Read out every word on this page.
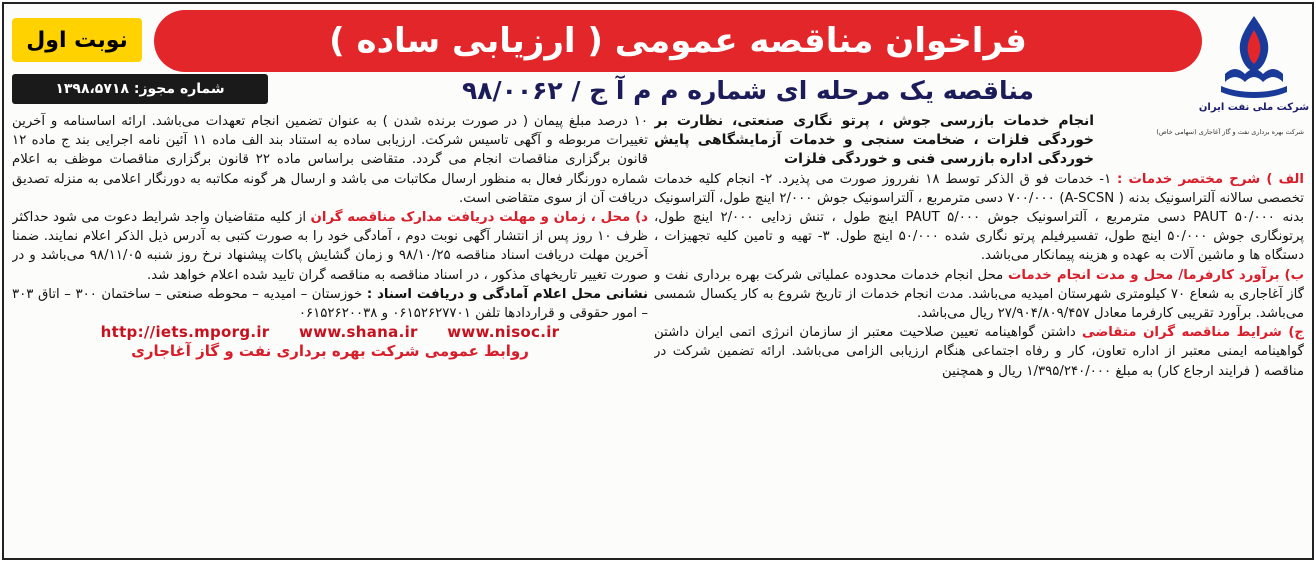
فراخوان مناقصه عمومی ( ارزیابی ساده )
نوبت اول
شماره مجوز: ۱۳۹۸،۵۷۱۸	مناقصه یک مرحله ای شماره م م آ ج / ۹۸/۰۰۶۲
شرکت ملی نفت ایران
شرکت بهره برداری نفت و گاز آغاجاری (سهامی خاص)

انجام خدمات بازرسی جوش ، پرتو نگاری صنعتی، نظارت بر خوردگی فلزات ، ضخامت سنجی و خدمات آزمایشگاهی پایش خوردگی اداره بازرسی فنی و خوردگی فلزات

الف ) شرح مختصر خدمات : ۱- خدمات فو ق الذکر توسط ۱۸ نفرروز صورت می پذیرد. ۲- انجام کلیه خدمات تخصصی سالانه آلتراسونیک بدنه ( A-SCSN) ۷۰۰/۰۰۰ دسی مترمربع ، آلتراسونیک جوش ۲/۰۰۰ اینچ طول، آلتراسونیک بدنه PAUT ۵۰/۰۰۰ دسی مترمربع ، آلتراسونیک جوش PAUT ۵/۰۰۰ اینچ طول ، تنش زدایی ۲/۰۰۰ اینچ طول، پرتونگاری جوش ۵۰/۰۰۰ اینچ طول، تفسیرفیلم پرتو نگاری شده ۵۰/۰۰۰ اینچ طول. ۳- تهیه و تامین کلیه تجهیزات ، دستگاه ها و ماشین آلات به عهده و هزینه پیمانکار می‌باشد.

ب) برآورد کارفرما/ محل و مدت انجام خدمات محل انجام خدمات محدوده عملیاتی شرکت بهره برداری نفت و گاز آغاجاری به شعاع ۷۰ کیلومتری شهرستان امیدیه می‌باشد. مدت انجام خدمات از تاریخ شروع به کار یکسال شمسی می‌باشد. برآورد تقریبی کارفرما معادل ۲۷/۹۰۴/۸۰۹/۴۵۷ ریال می‌باشد.

ج) شرایط مناقصه گران متقاضی داشتن گواهینامه تعیین صلاحیت معتبر از سازمان انرژی اتمی ایران داشتن گواهینامه ایمنی معتبر از اداره تعاون، کار و رفاه اجتماعی هنگام ارزیابی الزامی می‌باشد. ارائه تضمین شرکت در مناقصه ( فرایند ارجاع کار) به مبلغ ۱/۳۹۵/۲۴۰/۰۰۰ ریال و همچنین

۱۰ درصد مبلغ پیمان ( در صورت برنده شدن ) به عنوان تضمین انجام تعهدات می‌باشد. ارائه اساسنامه و آخرین تغییرات مربوطه و آگهی تاسیس شرکت. ارزیابی ساده به استناد بند الف ماده ۱۱ آئین نامه اجرایی بند ج ماده ۱۲ قانون برگزاری مناقصات انجام می گردد. متقاضی براساس ماده ۲۲ قانون برگزاری مناقصات موظف به اعلام شماره دورنگار فعال به منظور ارسال مکاتبات می باشد و ارسال هر گونه مکاتبه به دورنگار اعلامی به منزله تصدیق دریافت آن از سوی متقاضی است.

د) محل ، زمان و مهلت دریافت مدارک مناقصه گران از کلیه متقاضیان واجد شرایط دعوت می شود حداکثر ظرف ۱۰ روز پس از انتشار آگهی نوبت دوم ، آمادگی خود را به صورت کتبی به آدرس ذیل الذکر اعلام نمایند. ضمنا آخرین مهلت دریافت اسناد مناقصه ۹۸/۱۰/۲۵ و زمان گشایش پاکات پیشنهاد نرخ روز شنبه ۹۸/۱۱/۰۵ می‌باشد و در صورت تغییر تاریخهای مذکور ، در اسناد مناقصه به مناقصه گران تایید شده اعلام خواهد شد.

نشانی محل اعلام آمادگی و دریافت اسناد : خوزستان – امیدیه – محوطه صنعتی – ساختمان ۳۰۰ – اتاق ۳۰۳ – امور حقوقی و قراردادها تلفن ۰۶۱۵۲۶۲۷۷۰۱ و ۰۶۱۵۲۶۲۰۰۳۸

http://iets.mporg.ir www.shana.ir www.nisoc.ir
روابط عمومی شرکت بهره برداری نفت و گاز آغاجاری
